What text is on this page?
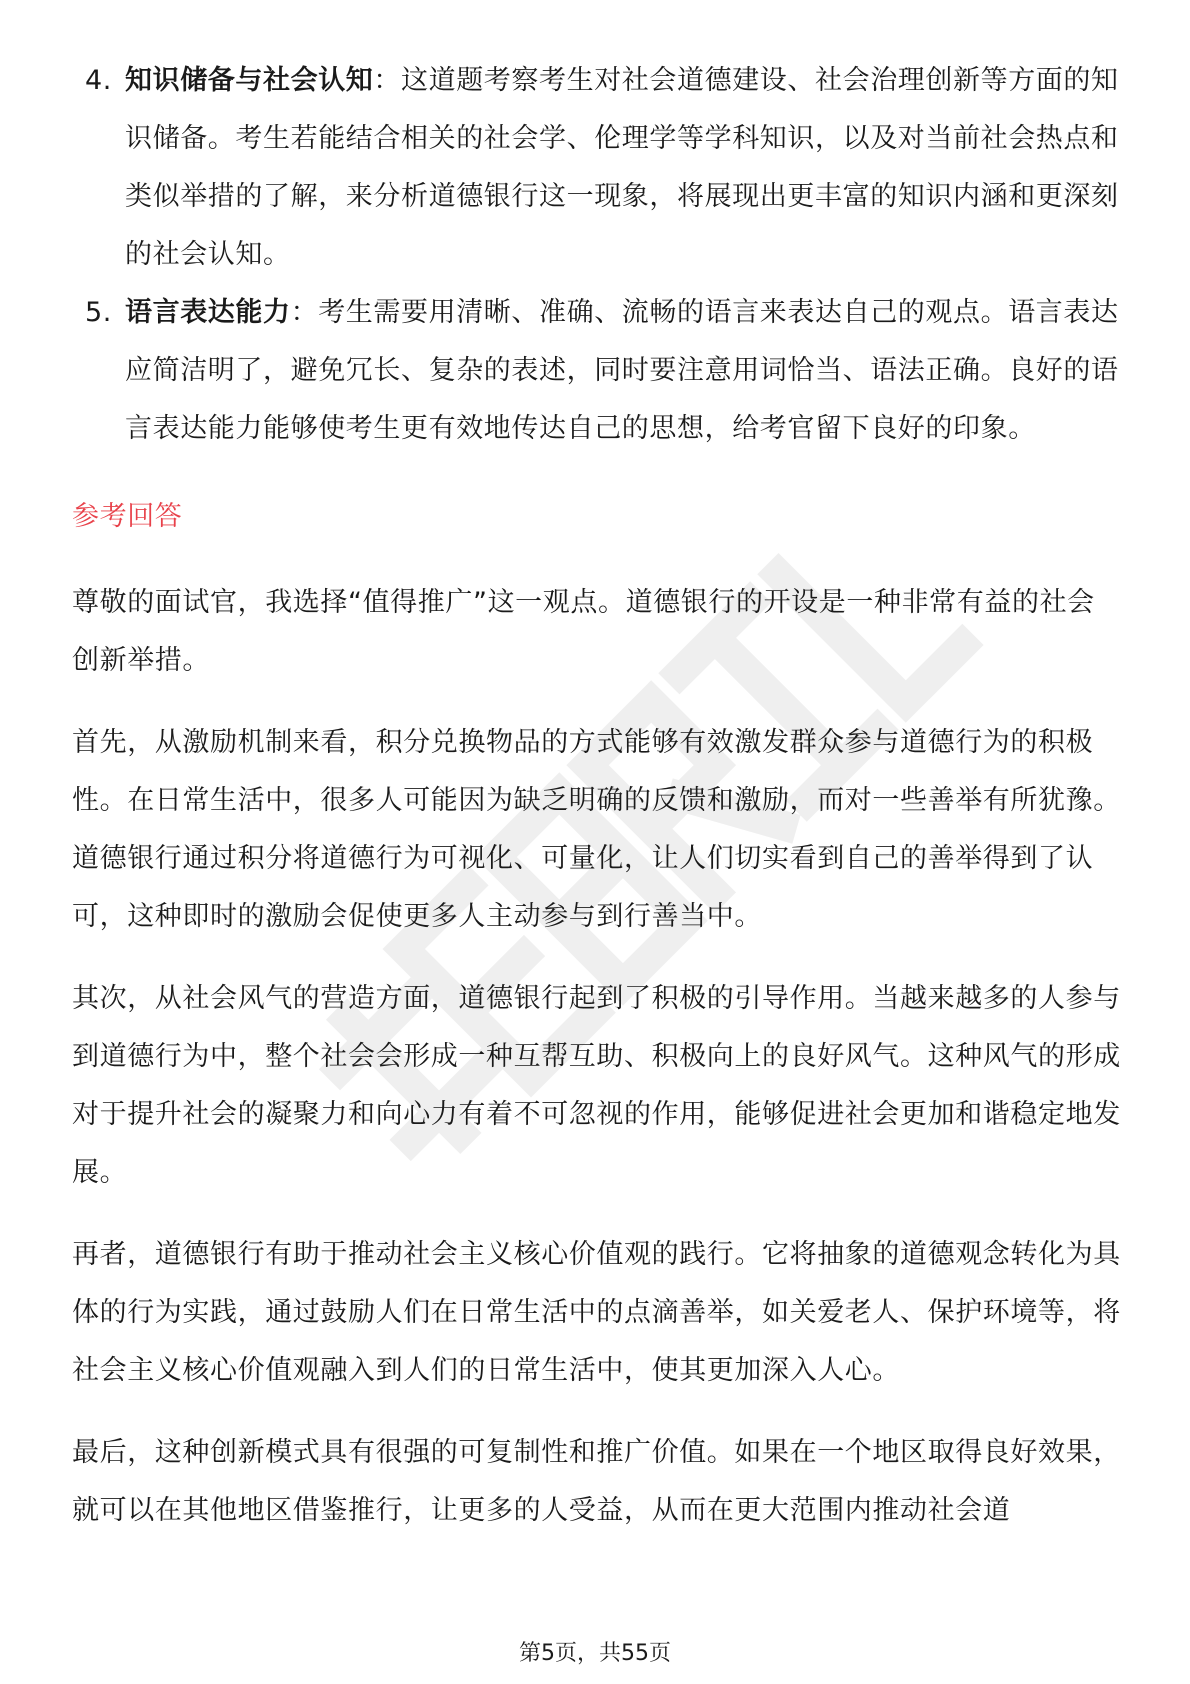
4. 知识储备与社会认知：这道题考察考生对社会道德建设、社会治理创新等方面的知识储备。考生若能结合相关的社会学、伦理学等学科知识，以及对当前社会热点和类似举措的了解，来分析道德银行这一现象，将展现出更丰富的知识内涵和更深刻的社会认知。
5. 语言表达能力：考生需要用清晰、准确、流畅的语言来表达自己的观点。语言表达应简洁明了，避免冗长、复杂的表述，同时要注意用词恰当、语法正确。良好的语言表达能力能够使考生更有效地传达自己的思想，给考官留下良好的印象。
参考回答
尊敬的面试官，我选择“值得推广”这一观点。道德银行的开设是一种非常有益的社会创新举措。
首先，从激励机制来看，积分兑换物品的方式能够有效激发群众参与道德行为的积极性。在日常生活中，很多人可能因为缺乏明确的反馈和激励，而对一些善举有所犹豫。道德银行通过积分将道德行为可视化、可量化，让人们切实看到自己的善举得到了认可，这种即时的激励会促使更多人主动参与到行善当中。
其次，从社会风气的营造方面，道德银行起到了积极的引导作用。当越来越多的人参与到道德行为中，整个社会会形成一种互帮互助、积极向上的良好风气。这种风气的形成对于提升社会的凝聚力和向心力有着不可忽视的作用，能够促进社会更加和谐稳定地发展。
再者，道德银行有助于推动社会主义核心价值观的践行。它将抽象的道德观念转化为具体的行为实践，通过鼓励人们在日常生活中的点滴善举，如关爱老人、保护环境等，将社会主义核心价值观融入到人们的日常生活中，使其更加深入人心。
最后，这种创新模式具有很强的可复制性和推广价值。如果在一个地区取得良好效果，就可以在其他地区借鉴推行，让更多的人受益，从而在更大范围内推动社会道
第5页，共55页
